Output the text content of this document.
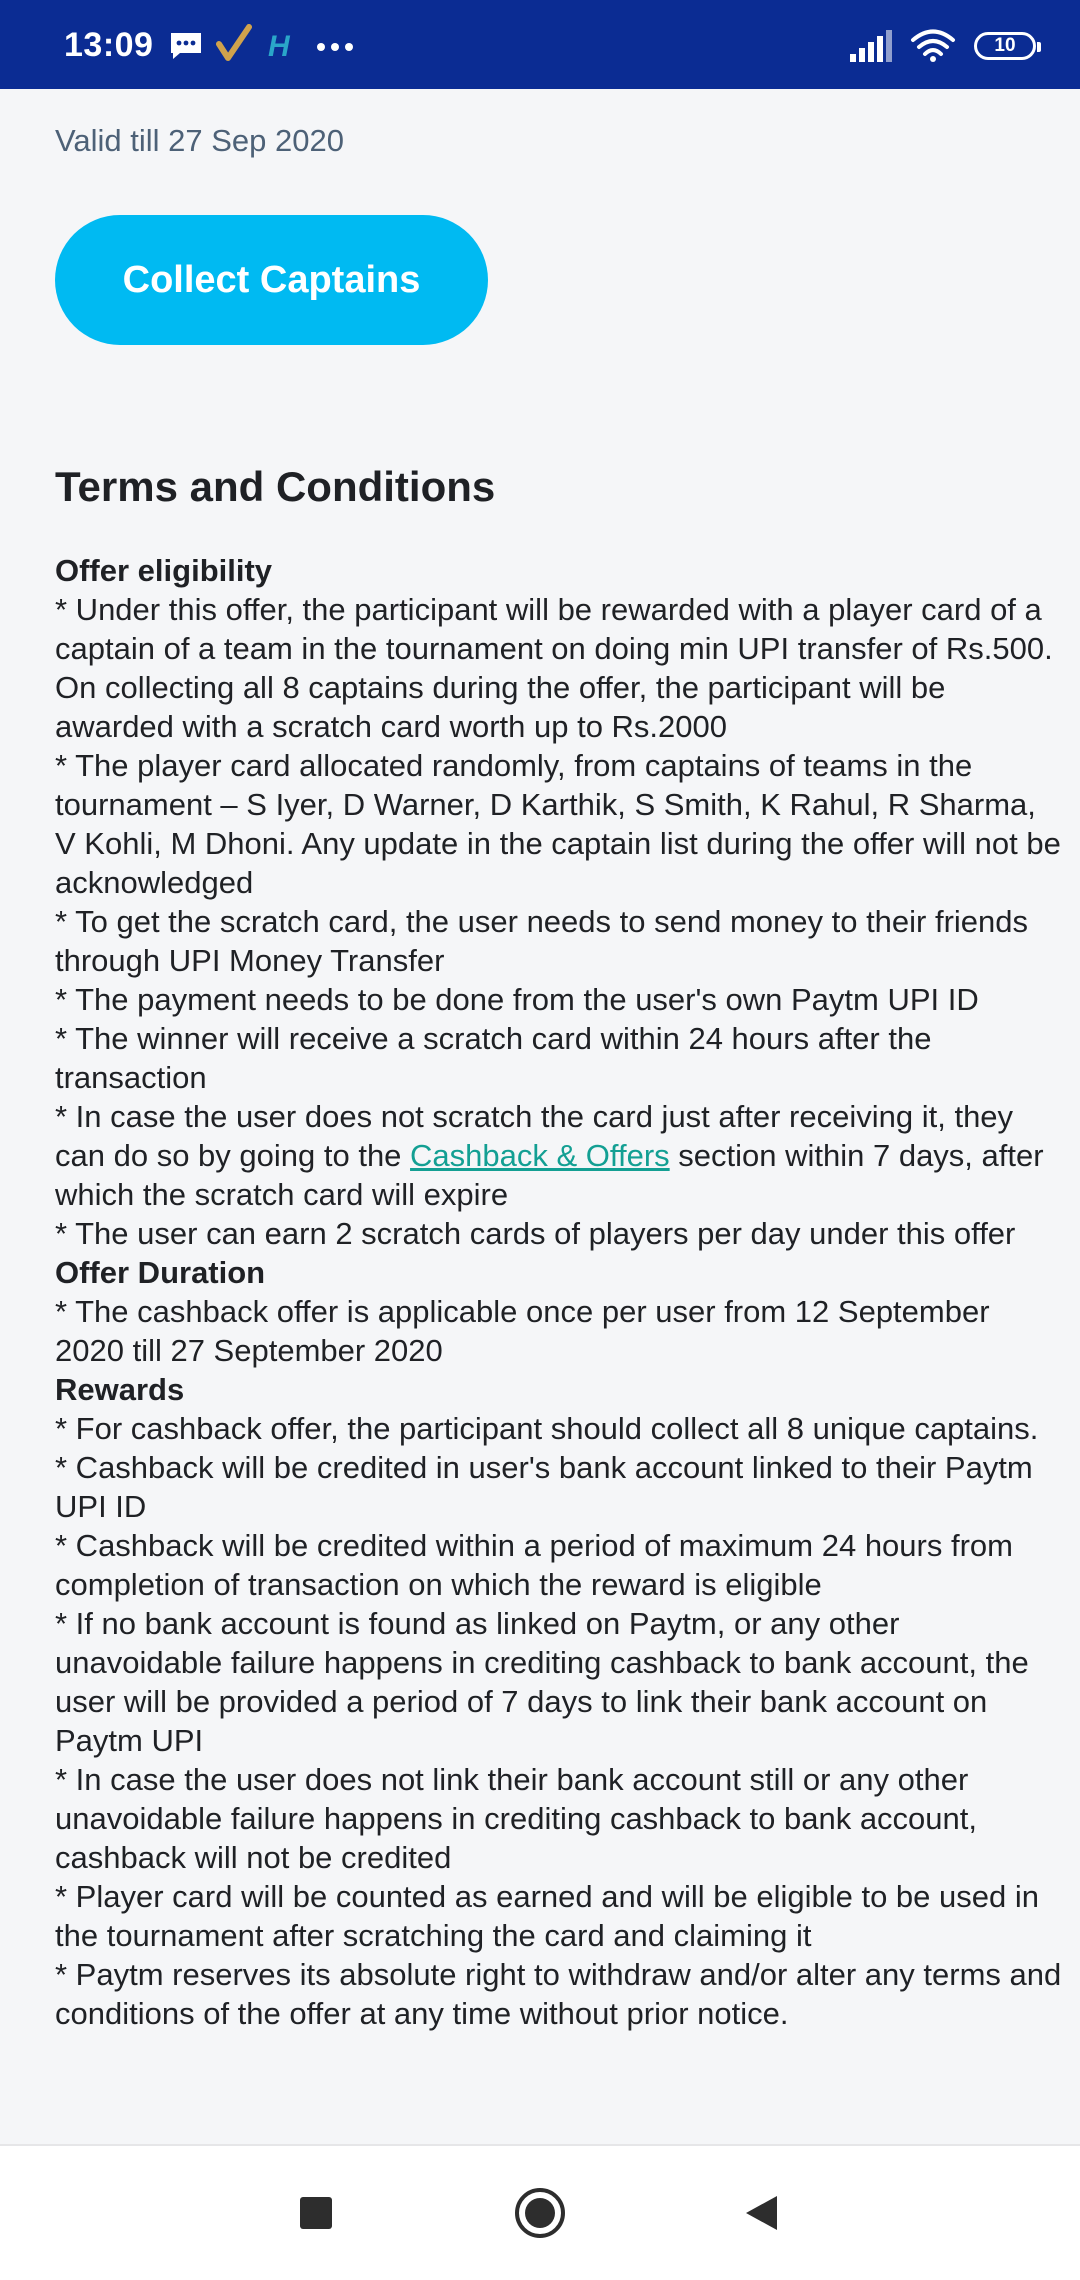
13:09	H	10
Valid till 27 Sep 2020
Collect Captains
Terms and Conditions
Offer eligibility
* Under this offer, the participant will be rewarded with a player card of a captain of a team in the tournament on doing min UPI transfer of Rs.500. On collecting all 8 captains during the offer, the participant will be awarded with a scratch card worth up to Rs.2000
* The player card allocated randomly, from captains of teams in the tournament – S Iyer, D Warner, D Karthik, S Smith, K Rahul, R Sharma, V Kohli, M Dhoni. Any update in the captain list during the offer will not be acknowledged
* To get the scratch card, the user needs to send money to their friends through UPI Money Transfer
* The payment needs to be done from the user's own Paytm UPI ID
* The winner will receive a scratch card within 24 hours after the transaction
* In case the user does not scratch the card just after receiving it, they can do so by going to the Cashback & Offers section within 7 days, after which the scratch card will expire
* The user can earn 2 scratch cards of players per day under this offer
Offer Duration
* The cashback offer is applicable once per user from 12 September 2020 till 27 September 2020
Rewards
* For cashback offer, the participant should collect all 8 unique captains.
* Cashback will be credited in user's bank account linked to their Paytm UPI ID
* Cashback will be credited within a period of maximum 24 hours from completion of transaction on which the reward is eligible
* If no bank account is found as linked on Paytm, or any other unavoidable failure happens in crediting cashback to bank account, the user will be provided a period of 7 days to link their bank account on Paytm UPI
* In case the user does not link their bank account still or any other unavoidable failure happens in crediting cashback to bank account, cashback will not be credited
* Player card will be counted as earned and will be eligible to be used in the tournament after scratching the card and claiming it
* Paytm reserves its absolute right to withdraw and/or alter any terms and conditions of the offer at any time without prior notice.
